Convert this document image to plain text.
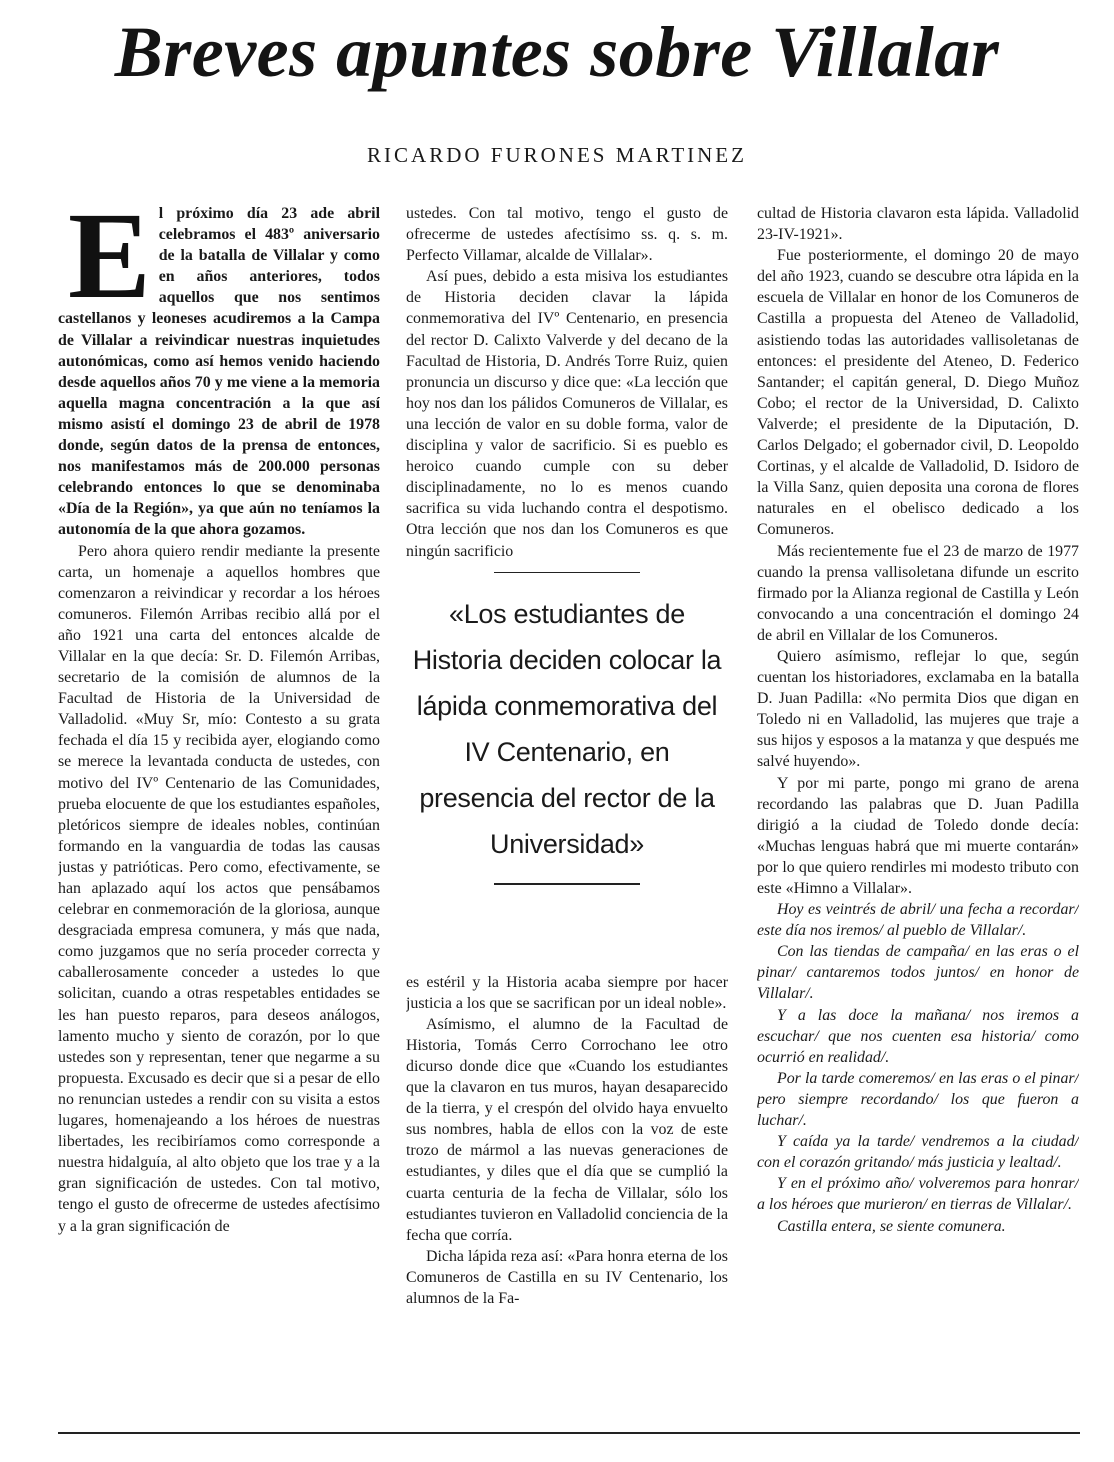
Breves apuntes sobre Villalar
RICARDO FURONES MARTINEZ

El próximo día 23 ade abril celebramos el 483º aniversario de la batalla de Villalar y como en años anteriores, todos aquellos que nos sentimos castellanos y leoneses acudiremos a la Campa de Villalar a reivindicar nuestras inquietudes autonómicas, como así hemos venido haciendo desde aquellos años 70 y me viene a la memoria aquella magna concentración a la que así mismo asistí el domingo 23 de abril de 1978 donde, según datos de la prensa de entonces, nos manifestamos más de 200.000 personas celebrando entonces lo que se denominaba «Día de la Región», ya que aún no teníamos la autonomía de la que ahora gozamos.

Pero ahora quiero rendir mediante la presente carta, un homenaje a aquellos hombres que comenzaron a reivindicar y recordar a los héroes comuneros. Filemón Arribas recibio allá por el año 1921 una carta del entonces alcalde de Villalar en la que decía: Sr. D. Filemón Arribas, secretario de la comisión de alumnos de la Facultad de Historia de la Universidad de Valladolid. «Muy Sr, mío: Contesto a su grata fechada el día 15 y recibida ayer, elogiando como se merece la levantada conducta de ustedes, con motivo del IVº Centenario de las Comunidades, prueba elocuente de que los estudiantes españoles, pletóricos siempre de ideales nobles, continúan formando en la vanguardia de todas las causas justas y patrióticas. Pero como, efectivamente, se han aplazado aquí los actos que pensábamos celebrar en conmemoración de la gloriosa, aunque desgraciada empresa comunera, y más que nada, como juzgamos que no sería proceder correcta y caballerosamente conceder a ustedes lo que solicitan, cuando a otras respetables entidades se les han puesto reparos, para deseos análogos, lamento mucho y siento de corazón, por lo que ustedes son y representan, tener que negarme a su propuesta. Excusado es decir que si a pesar de ello no renuncian ustedes a rendir con su visita a estos lugares, homenajeando a los héroes de nuestras libertades, les recibiríamos como corresponde a nuestra hidalguía, al alto objeto que los trae y a la gran significación de ustedes. Con tal motivo, tengo el gusto de ofrecerme de ustedes afectísimo y a la gran significación de

ustedes. Con tal motivo, tengo el gusto de ofrecerme de ustedes afectísimo ss. q. s. m. Perfecto Villamar, alcalde de Villalar».

Así pues, debido a esta misiva los estudiantes de Historia deciden clavar la lápida conmemorativa del IVº Centenario, en presencia del rector D. Calixto Valverde y del decano de la Facultad de Historia, D. Andrés Torre Ruiz, quien pronuncia un discurso y dice que: «La lección que hoy nos dan los pálidos Comuneros de Villalar, es una lección de valor en su doble forma, valor de disciplina y valor de sacrificio. Si es pueblo es heroico cuando cumple con su deber disciplinadamente, no lo es menos cuando sacrifica su vida luchando contra el despotismo. Otra lección que nos dan los Comuneros es que ningún sacrificio

«Los estudiantes de Historia deciden colocar la lápida conmemorativa del IV Centenario, en presencia del rector de la Universidad»

es estéril y la Historia acaba siempre por hacer justicia a los que se sacrifican por un ideal noble».

Asímismo, el alumno de la Facultad de Historia, Tomás Cerro Corrochano lee otro dicurso donde dice que «Cuando los estudiantes que la clavaron en tus muros, hayan desaparecido de la tierra, y el crespón del olvido haya envuelto sus nombres, habla de ellos con la voz de este trozo de mármol a las nuevas generaciones de estudiantes, y diles que el día que se cumplió la cuarta centuria de la fecha de Villalar, sólo los estudiantes tuvieron en Valladolid conciencia de la fecha que corría.

Dicha lápida reza así: «Para honra eterna de los Comuneros de Castilla en su IV Centenario, los alumnos de la Fa-

cultad de Historia clavaron esta lápida. Valladolid 23-IV-1921».

Fue posteriormente, el domingo 20 de mayo del año 1923, cuando se descubre otra lápida en la escuela de Villalar en honor de los Comuneros de Castilla a propuesta del Ateneo de Valladolid, asistiendo todas las autoridades vallisoletanas de entonces: el presidente del Ateneo, D. Federico Santander; el capitán general, D. Diego Muñoz Cobo; el rector de la Universidad, D. Calixto Valverde; el presidente de la Diputación, D. Carlos Delgado; el gobernador civil, D. Leopoldo Cortinas, y el alcalde de Valladolid, D. Isidoro de la Villa Sanz, quien deposita una corona de flores naturales en el obelisco dedicado a los Comuneros.

Más recientemente fue el 23 de marzo de 1977 cuando la prensa vallisoletana difunde un escrito firmado por la Alianza regional de Castilla y León convocando a una concentración el domingo 24 de abril en Villalar de los Comuneros.

Quiero asímismo, reflejar lo que, según cuentan los historiadores, exclamaba en la batalla D. Juan Padilla: «No permita Dios que digan en Toledo ni en Valladolid, las mujeres que traje a sus hijos y esposos a la matanza y que después me salvé huyendo».

Y por mi parte, pongo mi grano de arena recordando las palabras que D. Juan Padilla dirigió a la ciudad de Toledo donde decía: «Muchas lenguas habrá que mi muerte contarán» por lo que quiero rendirles mi modesto tributo con este «Himno a Villalar».

Hoy es veintrés de abril/ una fecha a recordar/ este día nos iremos/ al pueblo de Villalar/.

Con las tiendas de campaña/ en las eras o el pinar/ cantaremos todos juntos/ en honor de Villalar/.

Y a las doce la mañana/ nos iremos a escuchar/ que nos cuenten esa historia/ como ocurrió en realidad/.

Por la tarde comeremos/ en las eras o el pinar/ pero siempre recordando/ los que fueron a luchar/.

Y caída ya la tarde/ vendremos a la ciudad/ con el corazón gritando/ más justicia y lealtad/.

Y en el próximo año/ volveremos para honrar/ a los héroes que murieron/ en tierras de Villalar/.

Castilla entera, se siente comunera.
